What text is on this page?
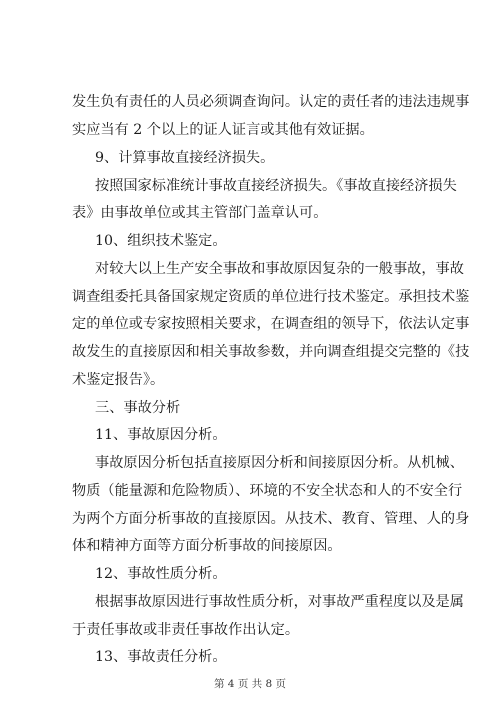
发生负有责任的人员必须调查询问。认定的责任者的违法违规事
实应当有 2 个以上的证人证言或其他有效证据。
9、计算事故直接经济损失。
按照国家标准统计事故直接经济损失。《事故直接经济损失
表》由事故单位或其主管部门盖章认可。
10、组织技术鉴定。
对较大以上生产安全事故和事故原因复杂的一般事故，事故
调查组委托具备国家规定资质的单位进行技术鉴定。承担技术鉴
定的单位或专家按照相关要求，在调查组的领导下，依法认定事
故发生的直接原因和相关事故参数，并向调查组提交完整的《技
术鉴定报告》。
三、事故分析
11、事故原因分析。
事故原因分析包括直接原因分析和间接原因分析。从机械、
物质（能量源和危险物质）、环境的不安全状态和人的不安全行
为两个方面分析事故的直接原因。从技术、教育、管理、人的身
体和精神方面等方面分析事故的间接原因。
12、事故性质分析。
根据事故原因进行事故性质分析，对事故严重程度以及是属
于责任事故或非责任事故作出认定。
13、事故责任分析。
第 4 页 共 8 页
